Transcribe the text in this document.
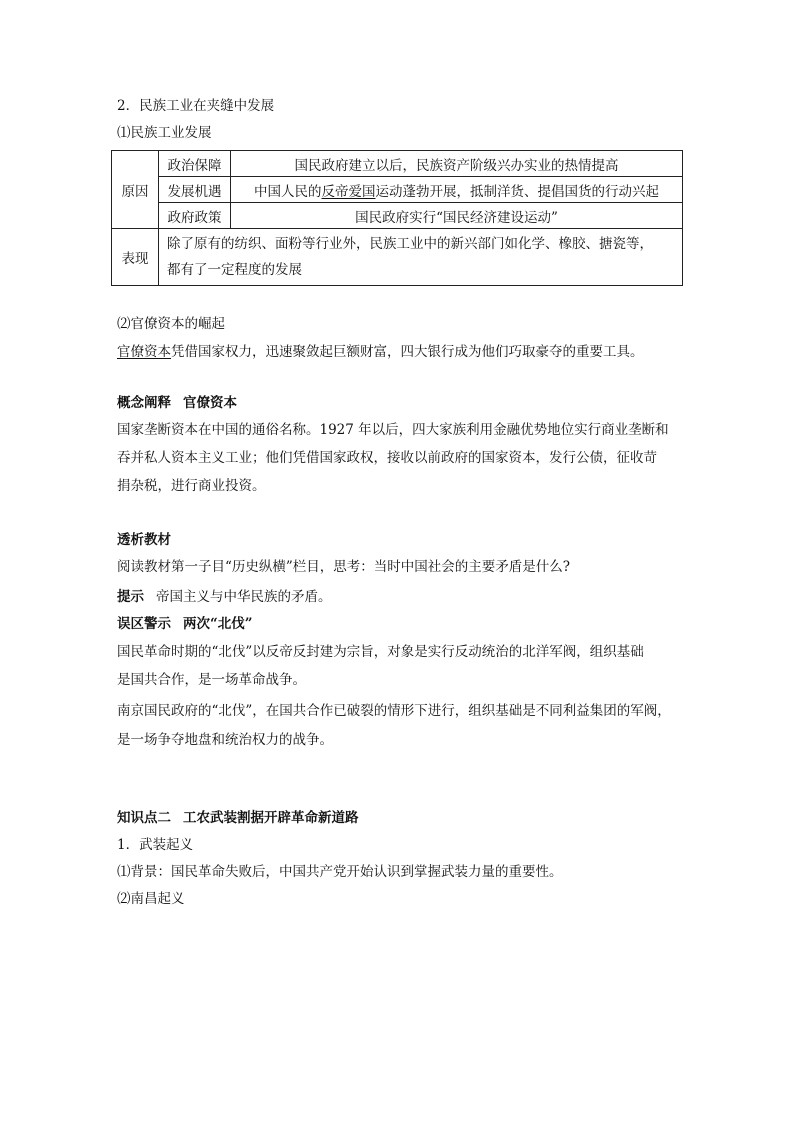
2．民族工业在夹缝中发展
⑴民族工业发展
原因	政治保障	国民政府建立以后，民族资产阶级兴办实业的热情提高
	发展机遇	中国人民的反帝爱国运动蓬勃开展，抵制洋货、提倡国货的行动兴起
	政府政策	国民政府实行“国民经济建设运动”
表现	除了原有的纺织、面粉等行业外，民族工业中的新兴部门如化学、橡胶、搪瓷等，
都有了一定程度的发展	
⑵官僚资本的崛起
官僚资本凭借国家权力，迅速聚敛起巨额财富，四大银行成为他们巧取豪夺的重要工具。
概念阐释 官僚资本
国家垄断资本在中国的通俗名称。1927 年以后，四大家族利用金融优势地位实行商业垄断和
吞并私人资本主义工业；他们凭借国家政权，接收以前政府的国家资本，发行公债，征收苛
捐杂税，进行商业投资。
透析教材
阅读教材第一子目“历史纵横”栏目，思考：当时中国社会的主要矛盾是什么?
提示 帝国主义与中华民族的矛盾。
误区警示 两次“北伐”
国民革命时期的“北伐”以反帝反封建为宗旨，对象是实行反动统治的北洋军阀，组织基础
是国共合作，是一场革命战争。
南京国民政府的“北伐”，在国共合作已破裂的情形下进行，组织基础是不同利益集团的军阀，
是一场争夺地盘和统治权力的战争。
知识点二 工农武装割据开辟革命新道路
1．武装起义
⑴背景：国民革命失败后，中国共产党开始认识到掌握武装力量的重要性。
⑵南昌起义
